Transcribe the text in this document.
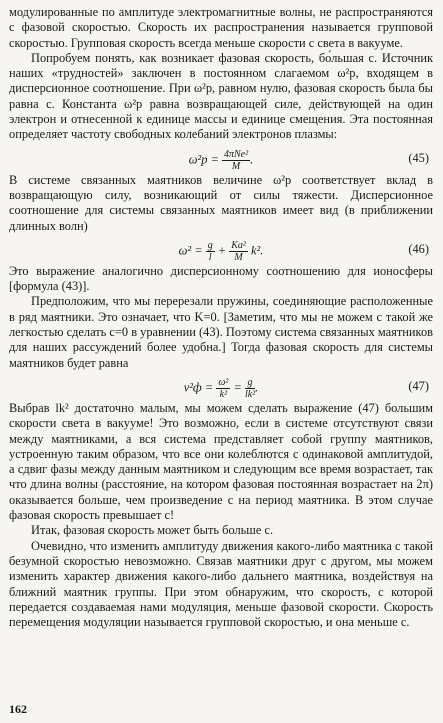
модулированные по амплитуде электромагнитные волны, не распространяются с фазовой скоростью. Скорость их распространения называется групповой скоростью. Групповая скорость всегда меньше скорости c света в вакууме.

Попробуем понять, как возникает фазовая скорость, бо́льшая c. Источник наших «трудностей» заключен в постоянном слагаемом ω²p, входящем в дисперсионное соотношение. При ω²p, равном нулю, фазовая скорость была бы равна c. Константа ω²p равна возвращающей силе, действующей на один электрон и отнесенной к единице массы и единице смещения. Эта постоянная определяет частоту свободных колебаний электронов плазмы:

$\omega^2p = \frac{\text{4πNe²}}{M}$ .	(45)

В системе связанных маятников величине ω²p соответствует вклад в возвращающую силу, возникающий от силы тяжести. Дисперсионное соотношение для системы связанных маятников имеет вид (в приближении длинных волн)

$\omega^2 = \frac{g}{l} + \frac{\text{Ka²}}{M} k^2$.	(46)

Это выражение аналогично дисперсионному соотношению для ионосферы [формула (43)].

Предположим, что мы перерезали пружины, соединяющие расположенные в ряд маятники. Это означает, что K=0. [Заметим, что мы не можем с такой же легкостью сделать c=0 в уравнении (43). Поэтому система связанных маятников для наших рассуждений более удобна.] Тогда фазовая скорость для системы маятников будет равна

$v^2ф = \frac{\text{ω²}}{\text{k²}} = \frac{g}{\text{lk²}}$ .	(47)

Выбрав lk² достаточно малым, мы можем сделать выражение (47) большим скорости света в вакууме! Это возможно, если в системе отсутствуют связи между маятниками, а вся система представляет собой группу маятников, устроенную таким образом, что все они колеблются с одинаковой амплитудой, а сдвиг фазы между данным маятником и следующим все время возрастает, так что длина волны (расстояние, на котором фазовая постоянная возрастает на 2π) оказывается больше, чем произведение c на период маятника. В этом случае фазовая скорость превышает c!

Итак, фазовая скорость может быть больше c.

Очевидно, что изменить амплитуду движения какого-либо маятника с такой безумной скоростью невозможно. Связав маятники друг с другом, мы можем изменить характер движения какого-либо дальнего маятника, воздействуя на ближний маятник группы. При этом обнаружим, что скорость, с которой передается создаваемая нами модуляция, меньше фазовой скорости. Скорость перемещения модуляции называется групповой скоростью, и она меньше c.

162
